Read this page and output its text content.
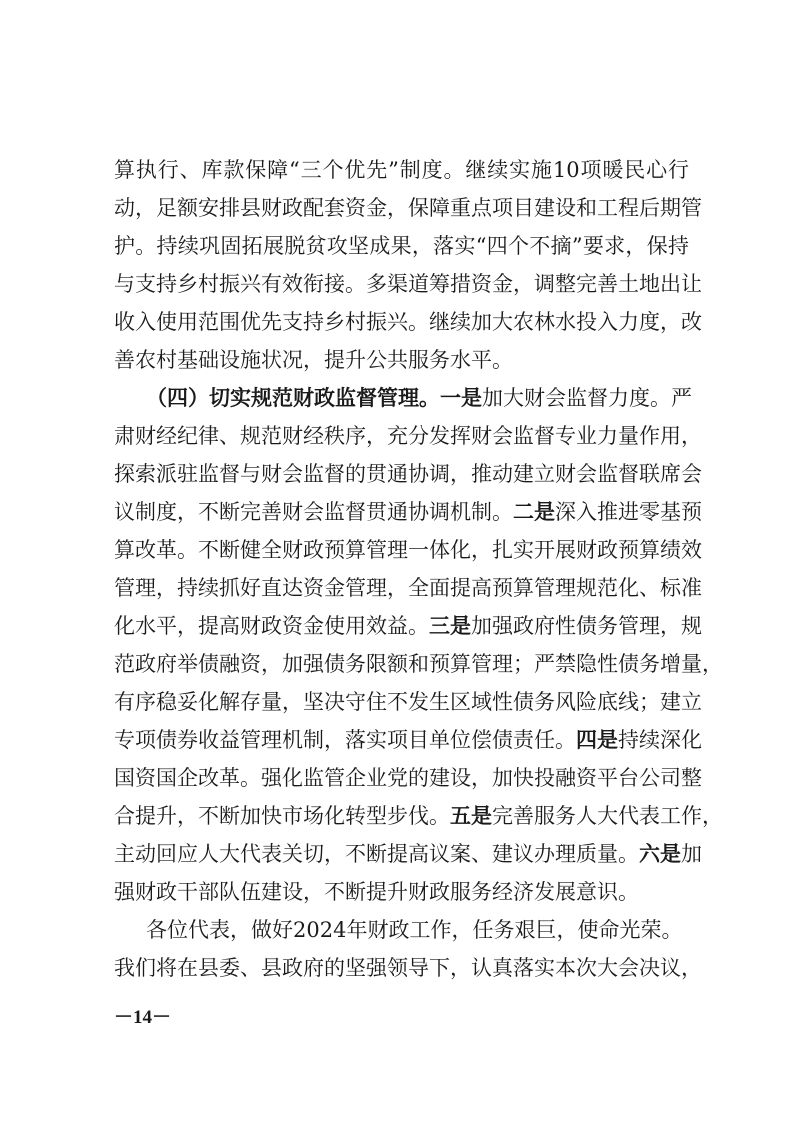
算执行、库款保障“三个优先”制度。继续实施10项暖民心行
动，足额安排县财政配套资金，保障重点项目建设和工程后期管
护。持续巩固拓展脱贫攻坚成果，落实“四个不摘”要求，保持
与支持乡村振兴有效衔接。多渠道筹措资金，调整完善土地出让
收入使用范围优先支持乡村振兴。继续加大农林水投入力度，改
善农村基础设施状况，提升公共服务水平。
（四）切实规范财政监督管理。一是加大财会监督力度。严
肃财经纪律、规范财经秩序，充分发挥财会监督专业力量作用，
探索派驻监督与财会监督的贯通协调，推动建立财会监督联席会
议制度，不断完善财会监督贯通协调机制。二是深入推进零基预
算改革。不断健全财政预算管理一体化，扎实开展财政预算绩效
管理，持续抓好直达资金管理，全面提高预算管理规范化、标准
化水平，提高财政资金使用效益。三是加强政府性债务管理，规
范政府举债融资，加强债务限额和预算管理；严禁隐性债务增量，
有序稳妥化解存量，坚决守住不发生区域性债务风险底线；建立
专项债券收益管理机制，落实项目单位偿债责任。四是持续深化
国资国企改革。强化监管企业党的建设，加快投融资平台公司整
合提升，不断加快市场化转型步伐。五是完善服务人大代表工作，
主动回应人大代表关切，不断提高议案、建议办理质量。六是加
强财政干部队伍建设，不断提升财政服务经济发展意识。
各位代表，做好2024年财政工作，任务艰巨，使命光荣。
我们将在县委、县政府的坚强领导下，认真落实本次大会决议，
－14－
